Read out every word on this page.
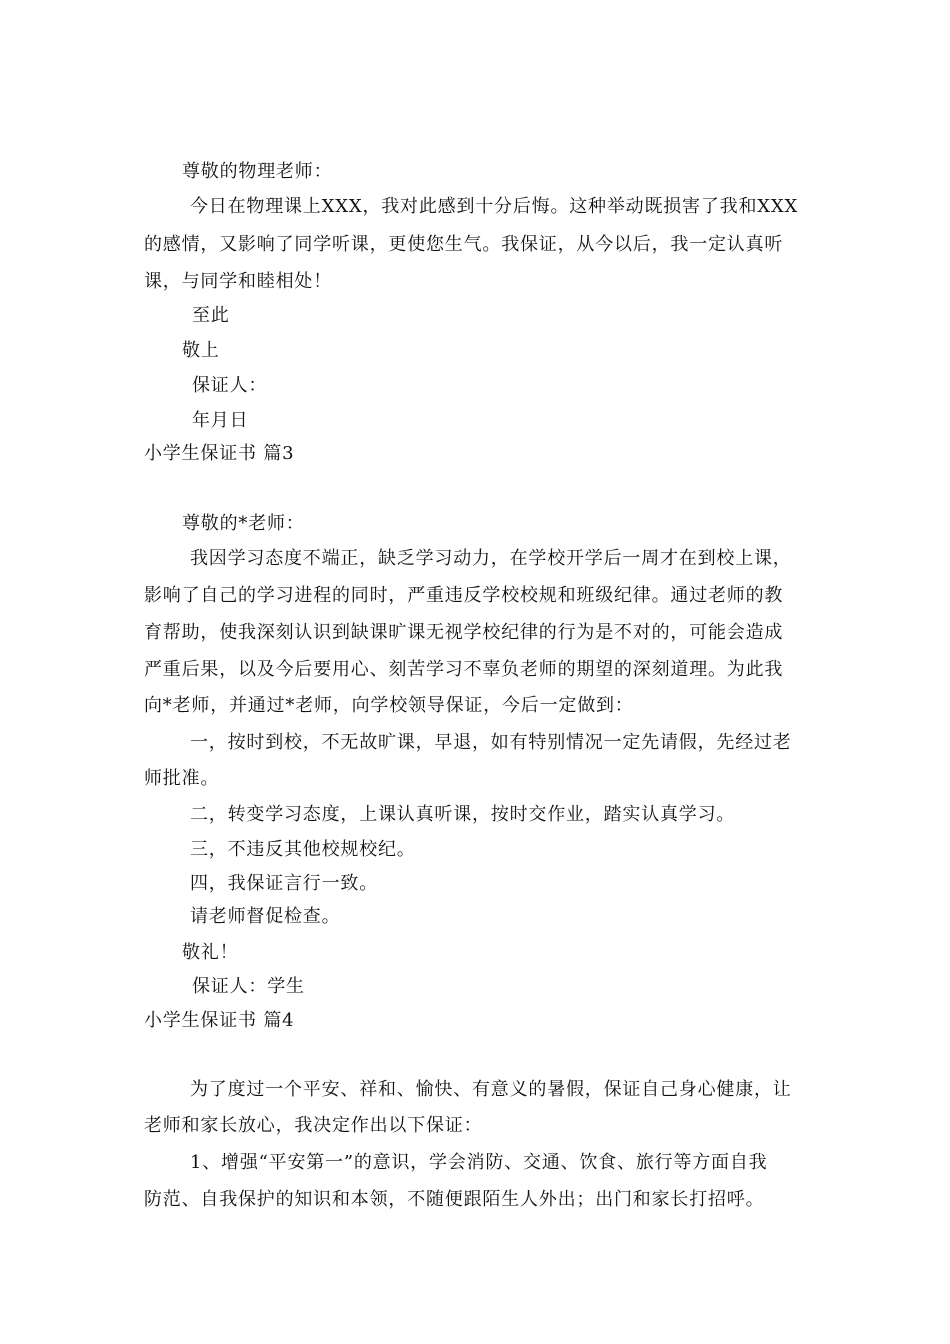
尊敬的物理老师：

今日在物理课上XXX，我对此感到十分后悔。这种举动既损害了我和XXX

的感情，又影响了同学听课，更使您生气。我保证，从今以后，我一定认真听

课，与同学和睦相处！

至此

敬上

保证人：

年月日

小学生保证书 篇3

尊敬的*老师：

我因学习态度不端正，缺乏学习动力，在学校开学后一周才在到校上课，

影响了自己的学习进程的同时，严重违反学校校规和班级纪律。通过老师的教

育帮助，使我深刻认识到缺课旷课无视学校纪律的行为是不对的，可能会造成

严重后果，以及今后要用心、刻苦学习不辜负老师的期望的深刻道理。为此我

向*老师，并通过*老师，向学校领导保证，今后一定做到：

一，按时到校，不无故旷课，早退，如有特别情况一定先请假，先经过老

师批准。

二，转变学习态度，上课认真听课，按时交作业，踏实认真学习。

三，不违反其他校规校纪。

四，我保证言行一致。

请老师督促检查。

敬礼！

保证人：学生

小学生保证书 篇4

为了度过一个平安、祥和、愉快、有意义的暑假，保证自己身心健康，让

老师和家长放心，我决定作出以下保证：

1、增强“平安第一”的意识，学会消防、交通、饮食、旅行等方面自我

防范、自我保护的知识和本领，不随便跟陌生人外出；出门和家长打招呼。
